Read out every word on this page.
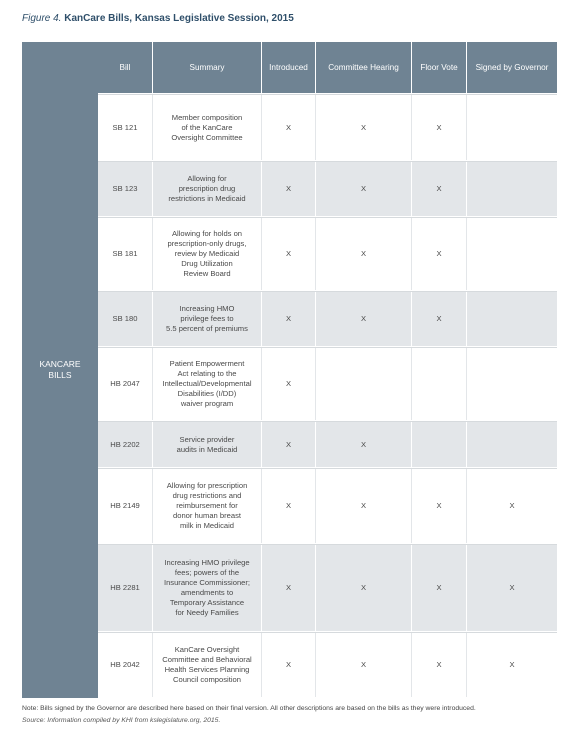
Figure 4. KanCare Bills, Kansas Legislative Session, 2015
KANCARE BILLS
Bill	Summary	Introduced	Committee Hearing	Floor Vote	Signed by Governor
SB 121
Member composition
of the KanCare
Oversight Committee
X	X	X
SB 123
Allowing for
prescription drug
restrictions in Medicaid
X	X	X
SB 181
Allowing for holds on
prescription-only drugs,
review by Medicaid
Drug Utilization
Review Board
X	X	X
SB 180
Increasing HMO
privilege fees to
5.5 percent of premiums
X	X	X
HB 2047
Patient Empowerment
Act relating to the
Intellectual/Developmental
Disabilities (I/DD)
waiver program
X
HB 2202
Service provider
audits in Medicaid
X	X
HB 2149
Allowing for prescription
drug restrictions and
reimbursement for
donor human breast
milk in Medicaid
X	X	X	X
HB 2281
Increasing HMO privilege
fees; powers of the
Insurance Commissioner;
amendments to
Temporary Assistance
for Needy Families
X	X	X	X
HB 2042
KanCare Oversight
Committee and Behavioral
Health Services Planning
Council composition
X	X	X	X
Note: Bills signed by the Governor are described here based on their final version. All other descriptions are based on the bills as they were introduced.
Source: Information compiled by KHI from kslegislature.org, 2015.
